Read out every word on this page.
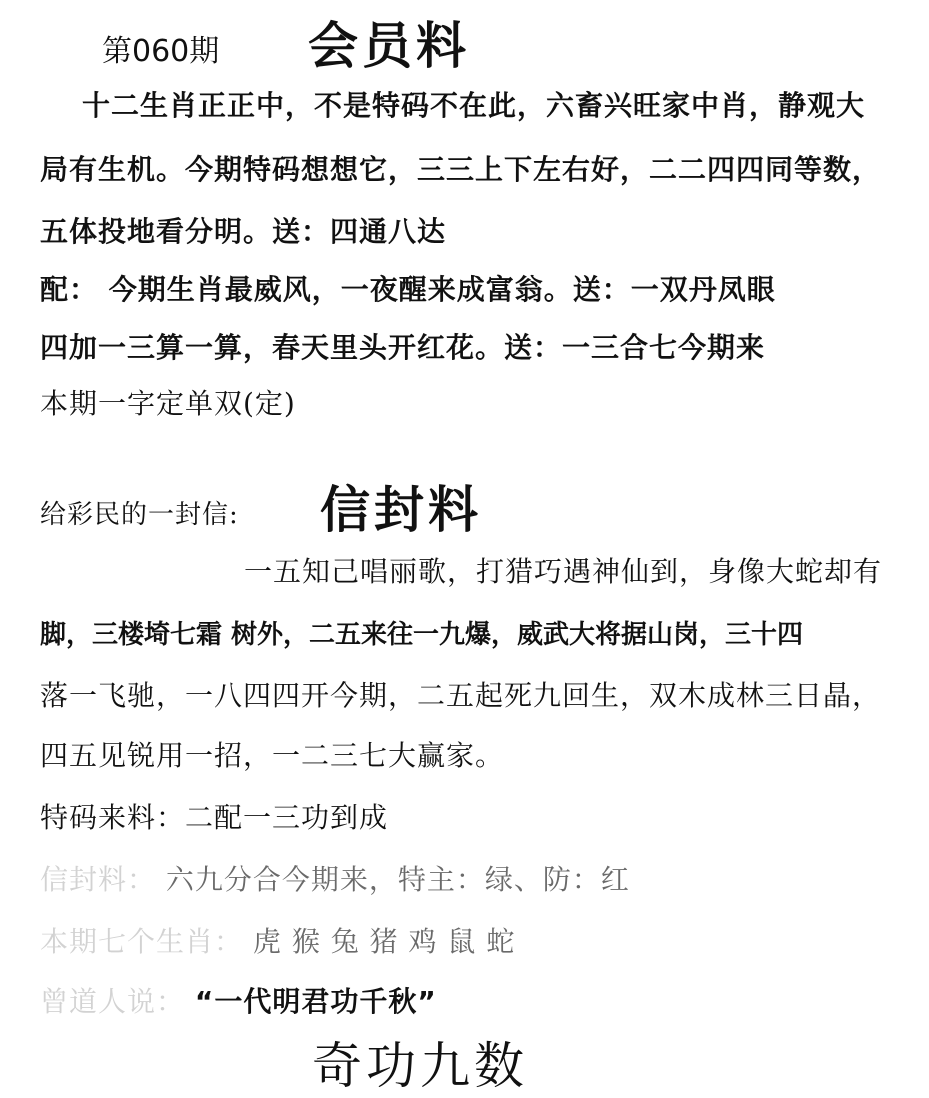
第060期 会员料
十二生肖正正中，不是特码不在此，六畜兴旺家中肖，静观大
局有生机。今期特码想想它，三三上下左右好，二二四四同等数，
五体投地看分明。送：四通八达
配： 今期生肖最威风，一夜醒来成富翁。送：一双丹凤眼
四加一三算一算，春天里头开红花。送：一三合七今期来
本期一字定单双(定)
给彩民的一封信: 信封料
一五知己唱丽歌，打猎巧遇神仙到，身像大蛇却有
脚，三楼埼七霜 树外，二五来往一九爆，威武大将据山岗，三十四
落一飞驰，一八四四开今期，二五起死九回生，双木成林三日晶，
四五见锐用一招，一二三七大赢家。
特码来料：二配一三功到成
信封料： 六九分合今期来，特主：绿、防：红
本期七个生肖： 虎 猴 兔 猪 鸡 鼠 蛇
曾道人说： “一代明君功千秋”
奇功九数
